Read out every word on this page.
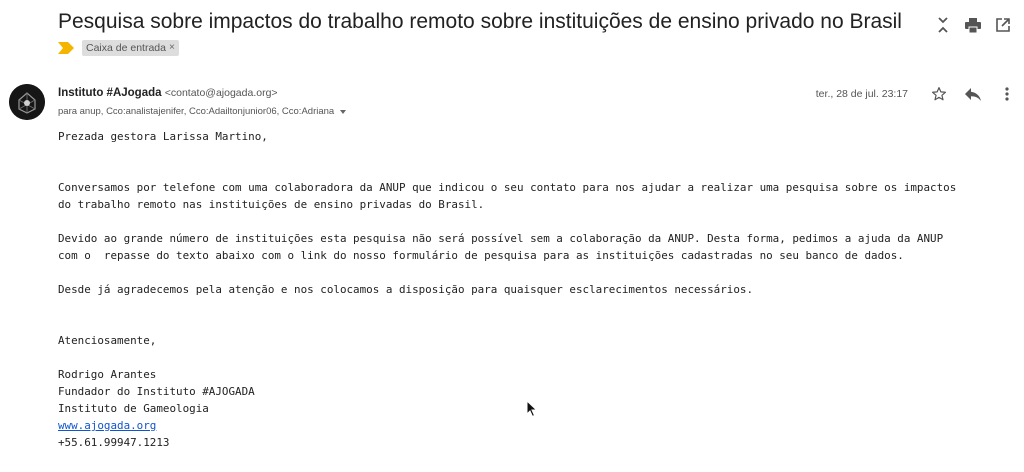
Pesquisa sobre impactos do trabalho remoto sobre instituições de ensino privado no Brasil
Caixa de entrada ×
Instituto #AJogada <contato@ajogada.org>
para anup, Cco:analistajenifer, Cco:Adailtonjunior06, Cco:Adriana
ter., 28 de jul. 23:17

Prezada gestora Larissa Martino,

Conversamos por telefone com uma colaboradora da ANUP que indicou o seu contato para nos ajudar a realizar uma pesquisa sobre os impactos

do trabalho remoto nas instituições de ensino privadas do Brasil.

Devido ao grande número de instituições esta pesquisa não será possível sem a colaboração da ANUP. Desta forma, pedimos a ajuda da ANUP

com o  repasse do texto abaixo com o link do nosso formulário de pesquisa para as instituições cadastradas no seu banco de dados.

Desde já agradecemos pela atenção e nos colocamos a disposição para quaisquer esclarecimentos necessários.

Atenciosamente,

Rodrigo Arantes

Fundador do Instituto #AJOGADA

Instituto de Gameologia

www.ajogada.org

+55.61.99947.1213
